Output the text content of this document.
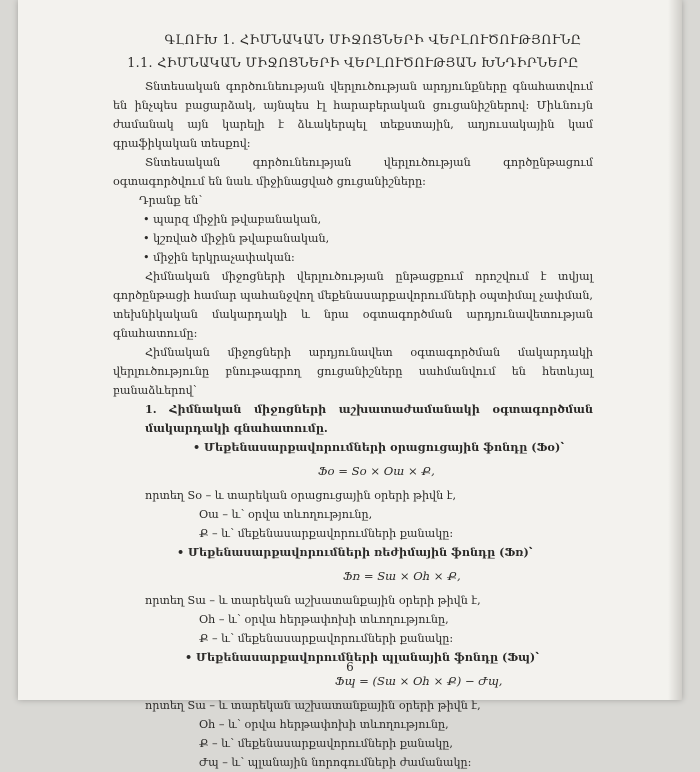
ԳԼՈՒԽ 1. ՀԻՄՆԱԿԱՆ ՄԻՋՈՑՆԵՐԻ ՎԵՐԼՈՒԾՈՒԹՅՈՒՆԸ
1.1. ՀԻՄՆԱԿԱՆ ՄԻՋՈՑՆԵՐԻ ՎԵՐԼՈՒԾՈՒԹՅԱՆ ԽՆԴԻՐՆԵՐԸ

Տնտեսական գործունեության վերլուծության արդյունքները գնահատվում են ինչպես բացարձակ, այնպես էլ հարաբերական ցուցանիշներով: Միևնույն ժամանակ այն կարելի է ձևակերպել տեքստային, աղյուսակային կամ գրաֆիկական տեսքով:

Տնտեսական գործունեության վերլուծության գործընթացում օգտագործվում են նաև միջինացված ցուցանիշները:

Դրանք են՝

• պարզ միջին թվաբանական,
• կշռված միջին թվաբանական,
• միջին երկրաչափական:

Հիմնական միջոցների վերլուծության ընթացքում որոշվում է տվյալ գործընթացի համար պահանջվող մեքենասարքավորումների օպտիմալ չափման, տեխնիկական մակարդակի և նրա օգտագործման արդյունավետության գնահատումը:

Հիմնական միջոցների արդյունավետ օգտագործման մակարդակի վերլուծությունը բնութագրող ցուցանիշները սահմանվում են հետևյալ բանաձևերով՝

1. Հիմնական միջոցների աշխատաժամանակի օգտագործման մակարդակի գնահատումը.

• Մեքենասարքավորումների օրացուցային ֆոնդը (Ֆօ)՝
Ֆօ = Sօ × Oա × Ք,
որտեղ Sօ – և տարեկան օրացուցային օրերի թիվն է,
Oա – և՝ օրվա տևողությունը,
Ք – և՝ մեքենասարքավորումների քանակը:
• Մեքենասարքավորումների ռեժիմային ֆոնդը (Ֆռ)՝
Ֆռ = Sա × Oհ × Ք,
որտեղ Sա – և տարեկան աշխատանքային օրերի թիվն է,
Oհ – և՝ օրվա հերթափոխի տևողությունը,
Ք – և՝ մեքենասարքավորումների քանակը:
• Մեքենասարքավորումների պլանային ֆոնդը (Ֆպ)՝
Ֆպ = (Sա × Oհ × Ք) − Ժպ,
որտեղ Sա – և տարեկան աշխատանքային օրերի թիվն է,
Oհ – և՝ օրվա հերթափոխի տևողությունը,
Ք – և՝ մեքենասարքավորումների քանակը,
Ժպ – և՝ պլանային նորոգումների ժամանակը:
6
